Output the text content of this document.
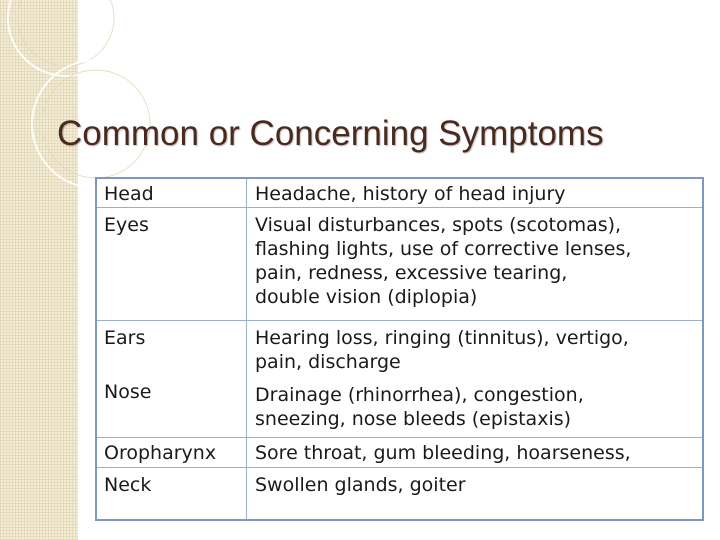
Common or Concerning Symptoms
Head	Headache, history of head injury
Eyes	Visual disturbances, spots (scotomas),
flashing lights, use of corrective lenses,
pain, redness, excessive tearing,
double vision (diplopia)
Ears	Hearing loss, ringing (tinnitus), vertigo,
pain, discharge
Nose	Drainage (rhinorrhea), congestion,
sneezing, nose bleeds (epistaxis)
Oropharynx Sore throat, gum bleeding, hoarseness,
Neck	Swollen glands, goiter
